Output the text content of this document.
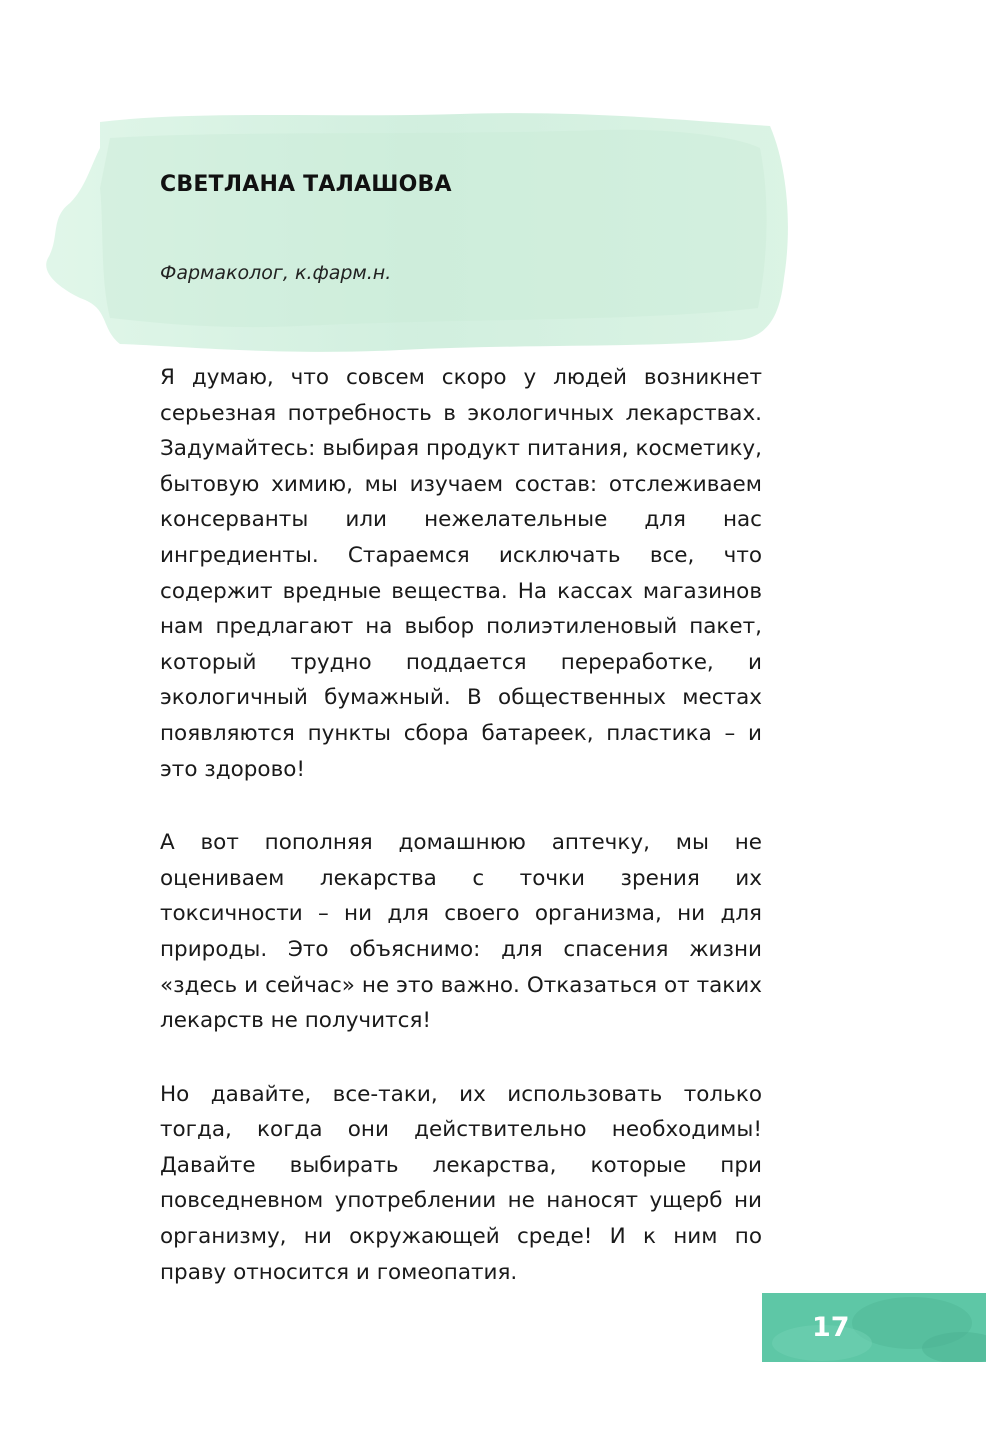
СВЕТЛАНА ТАЛАШОВА

Фармаколог, к.фарм.н.

Я думаю, что совсем скоро у людей возникнет серьезная потребность в экологичных лекарствах. Задумайтесь: выбирая продукт питания, косметику, бытовую химию, мы изучаем состав: отслеживаем консерванты или нежелательные для нас ингредиенты. Стараемся исключать все, что содержит вредные вещества. На кассах магазинов нам предлагают на выбор полиэтиленовый пакет, который трудно поддается переработке, и экологичный бумажный. В общественных местах появляются пункты сбора батареек, пластика – и это здорово!

А вот пополняя домашнюю аптечку, мы не оцениваем лекарства с точки зрения их токсичности – ни для своего организма, ни для природы. Это объяснимо: для спасения жизни «здесь и сейчас» не это важно. Отказаться от таких лекарств не получится!

Но давайте, все-таки, их использовать только тогда, когда они действительно необходимы! Давайте выбирать лекарства, которые при повседневном употреблении не наносят ущерб ни организму, ни окружающей среде! И к ним по праву относится и гомеопатия.

17
